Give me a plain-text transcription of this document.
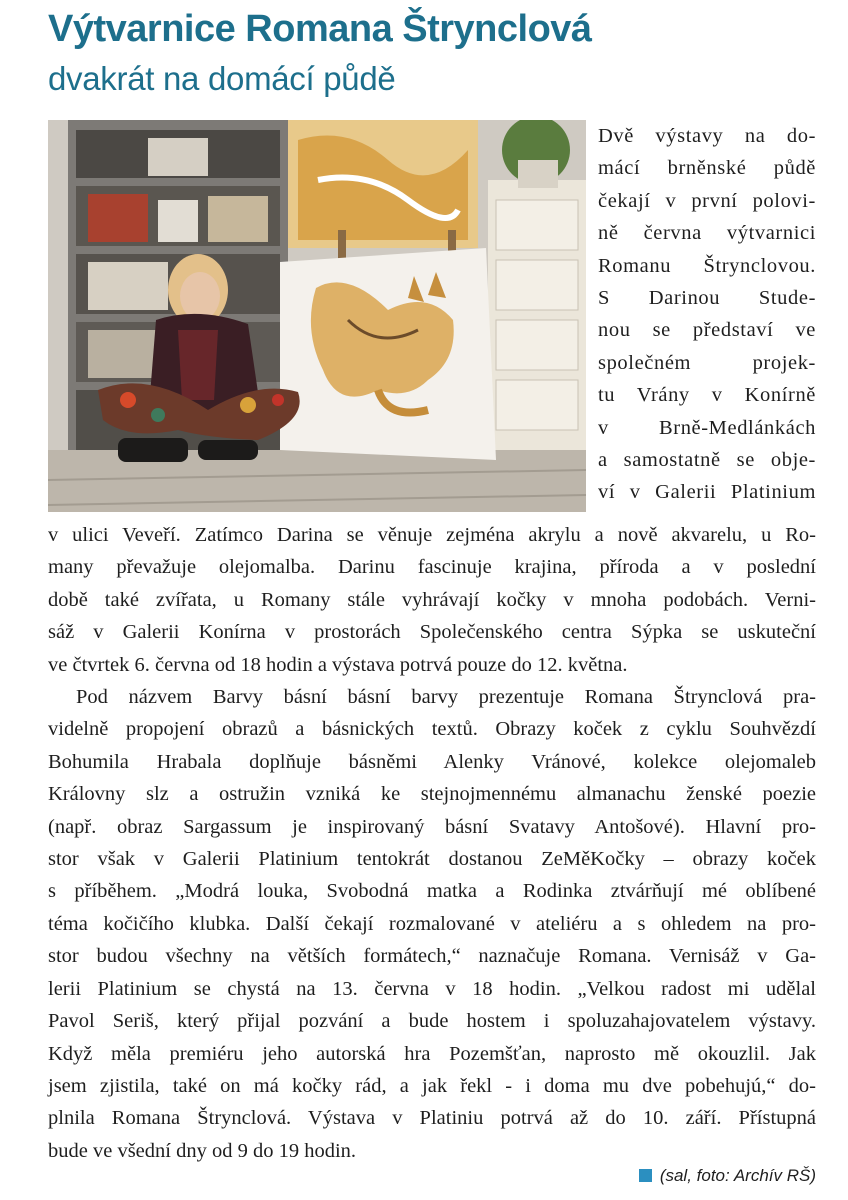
Výtvarnice Romana Štrynclová
dvakrát na domácí půdě
Dvě výstavy na do-
mácí brněnské půdě
čekají v první polovi-
ně června výtvarnici
Romanu Štrynclovou.
S Darinou Stude-
nou se představí ve
společném projek-
tu Vrány v Konírně
v Brně-Medlánkách
a samostatně se obje-
ví v Galerii Platinium
v ulici Veveří. Zatímco Darina se věnuje zejména akrylu a nově akvarelu, u Ro-
many převažuje olejomalba. Darinu fascinuje krajina, příroda a v poslední
době také zvířata, u Romany stále vyhrávají kočky v mnoha podobách. Verni-
sáž v Galerii Konírna v prostorách Společenského centra Sýpka se uskuteční
ve čtvrtek 6. června od 18 hodin a výstava potrvá pouze do 12. května.
Pod názvem Barvy básní básní barvy prezentuje Romana Štrynclová pra-
videlně propojení obrazů a básnických textů. Obrazy koček z cyklu Souhvězdí
Bohumila Hrabala doplňuje básněmi Alenky Vránové, kolekce olejomaleb
Královny slz a ostružin vzniká ke stejnojmennému almanachu ženské poezie
(např. obraz Sargassum je inspirovaný básní Svatavy Antošové). Hlavní pro-
stor však v Galerii Platinium tentokrát dostanou ZeMěKočky – obrazy koček
s příběhem. „Modrá louka, Svobodná matka a Rodinka ztvárňují mé oblíbené
téma kočičího klubka. Další čekají rozmalované v ateliéru a s ohledem na pro-
stor budou všechny na větších formátech,“ naznačuje Romana. Vernisáž v Ga-
lerii Platinium se chystá na 13. června v 18 hodin. „Velkou radost mi udělal
Pavol Seriš, který přijal pozvání a bude hostem i spoluzahajovatelem výstavy.
Když měla premiéru jeho autorská hra Pozemšťan, naprosto mě okouzlil. Jak
jsem zjistila, také on má kočky rád, a jak řekl - i doma mu dve pobehujú,“ do-
plnila Romana Štrynclová. Výstava v Platiniu potrvá až do 10. září. Přístupná
bude ve všední dny od 9 do 19 hodin.
(sal, foto: Archív RŠ)
